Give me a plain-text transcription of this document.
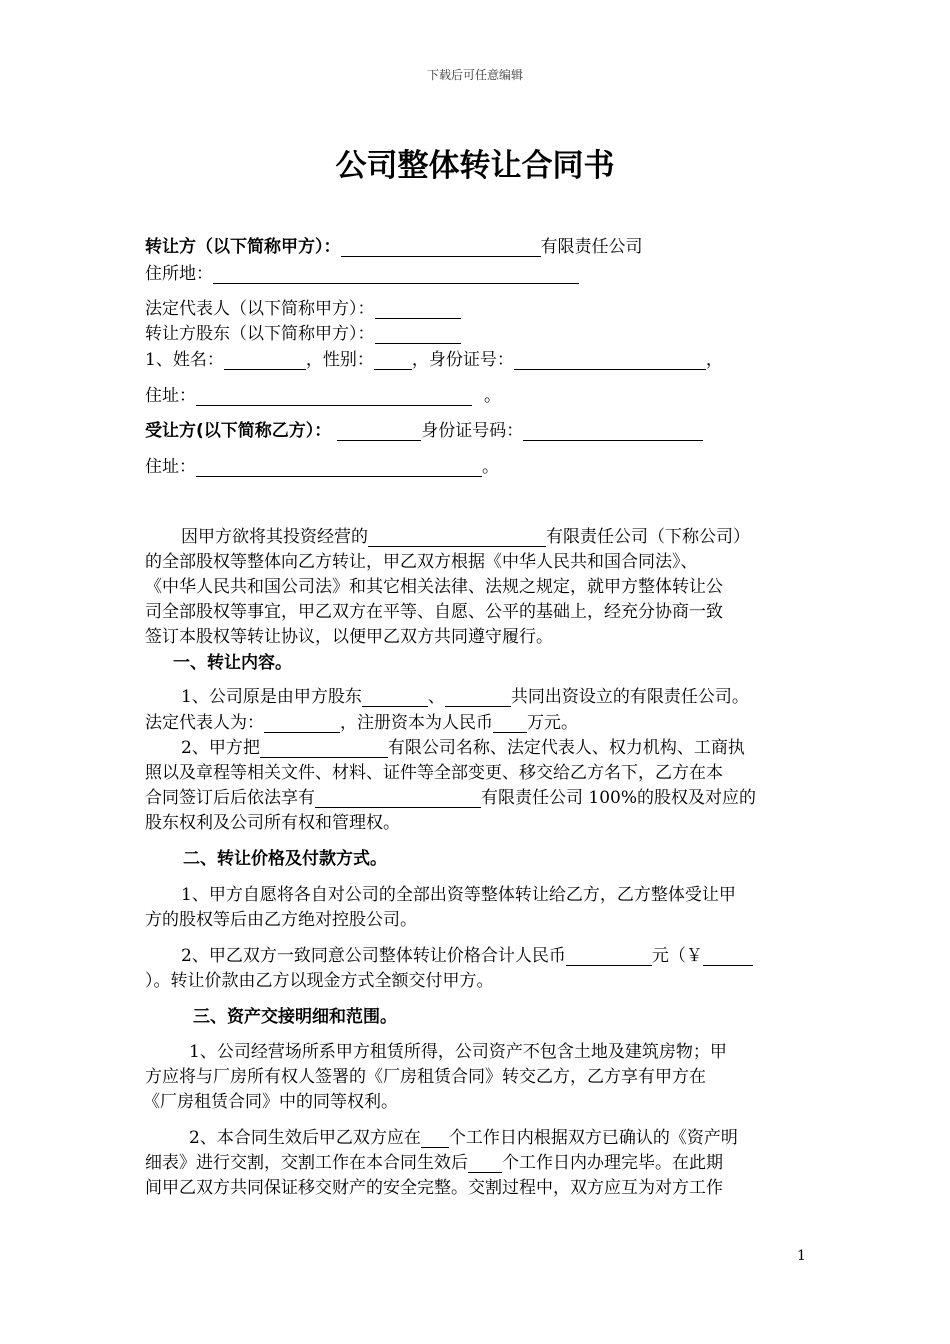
下载后可任意编辑
公司整体转让合同书
转让方（以下简称甲方）：	有限责任公司
住所地：
法定代表人（以下简称甲方）：
转让方股东（以下简称甲方）：
1、姓名：	，性别： ，身份证号：	，
住址：	。
受让方(以下简称乙方）：	身份证号码：
住址：	。
因甲方欲将其投资经营的	有限责任公司（下称公司）
的全部股权等整体向乙方转让，甲乙双方根据《中华人民共和国合同法》、
《中华人民共和国公司法》和其它相关法律、法规之规定，就甲方整体转让公
司全部股权等事宜，甲乙双方在平等、自愿、公平的基础上，经充分协商一致
签订本股权等转让协议，以便甲乙双方共同遵守履行。
一、转让内容。
1、公司原是由甲方股东	、	共同出资设立的有限责任公司。
法定代表人为：	，注册资本为人民币 万元。
2、甲方把	有限公司名称、法定代表人、权力机构、工商执
照以及章程等相关文件、材料、证件等全部变更、移交给乙方名下，乙方在本
合同签订后后依法享有	有限责任公司 100%的股权及对应的
股东权利及公司所有权和管理权。
二、转让价格及付款方式。
1、甲方自愿将各自对公司的全部出资等整体转让给乙方，乙方整体受让甲
方的股权等后由乙方绝对控股公司。
2、甲乙双方一致同意公司整体转让价格合计人民币	元（￥
）。转让价款由乙方以现金方式全额交付甲方。
三、资产交接明细和范围。
1、公司经营场所系甲方租赁所得，公司资产不包含土地及建筑房物；甲
方应将与厂房所有权人签署的《厂房租赁合同》转交乙方，乙方享有甲方在
《厂房租赁合同》中的同等权利。
2、本合同生效后甲乙双方应在 个工作日内根据双方已确认的《资产明
细表》进行交割，交割工作在本合同生效后 个工作日内办理完毕。在此期
间甲乙双方共同保证移交财产的安全完整。交割过程中，双方应互为对方工作
1
